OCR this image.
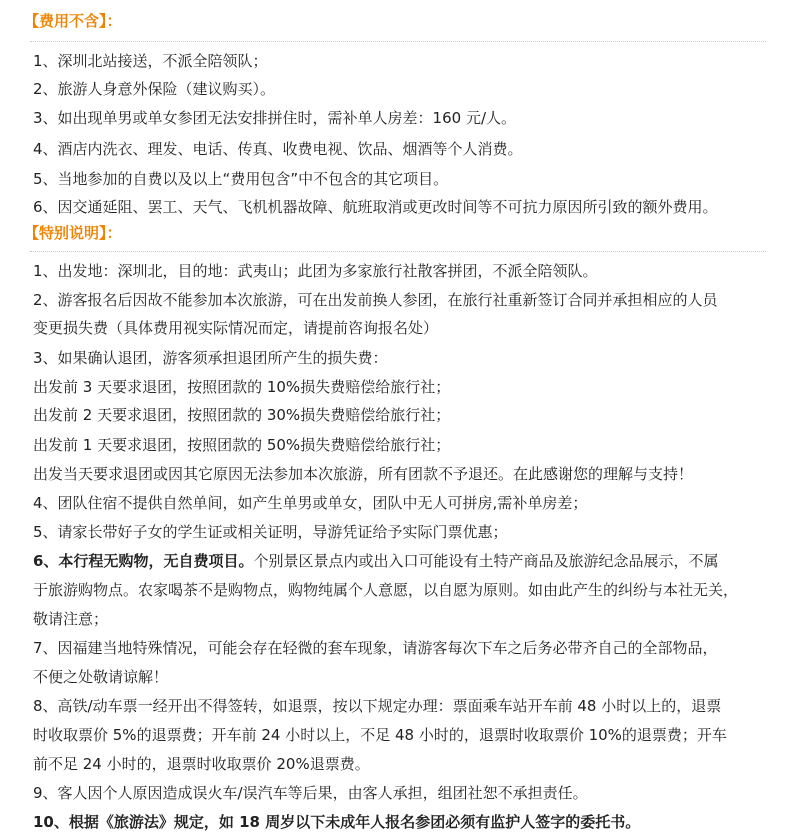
【费用不含】：
1、深圳北站接送，不派全陪领队；
2、旅游人身意外保险（建议购买）。
3、如出现单男或单女参团无法安排拼住时，需补单人房差：160 元/人。
4、酒店内洗衣、理发、电话、传真、收费电视、饮品、烟酒等个人消费。
5、当地参加的自费以及以上“费用包含”中不包含的其它项目。
6、因交通延阻、罢工、天气、飞机机器故障、航班取消或更改时间等不可抗力原因所引致的额外费用。
【特别说明】：
1、出发地：深圳北，目的地：武夷山；此团为多家旅行社散客拼团，不派全陪领队。
2、游客报名后因故不能参加本次旅游，可在出发前换人参团，在旅行社重新签订合同并承担相应的人员
变更损失费（具体费用视实际情况而定，请提前咨询报名处）
3、如果确认退团，游客须承担退团所产生的损失费：
出发前 3 天要求退团，按照团款的 10%损失费赔偿给旅行社；
出发前 2 天要求退团，按照团款的 30%损失费赔偿给旅行社；
出发前 1 天要求退团，按照团款的 50%损失费赔偿给旅行社；
出发当天要求退团或因其它原因无法参加本次旅游，所有团款不予退还。在此感谢您的理解与支持！
4、团队住宿不提供自然单间，如产生单男或单女，团队中无人可拼房,需补单房差；
5、请家长带好子女的学生证或相关证明，导游凭证给予实际门票优惠；
6、本行程无购物，无自费项目。个别景区景点内或出入口可能设有土特产商品及旅游纪念品展示，不属
于旅游购物点。农家喝茶不是购物点，购物纯属个人意愿，以自愿为原则。如由此产生的纠纷与本社无关，
敬请注意；
7、因福建当地特殊情况，可能会存在轻微的套车现象，请游客每次下车之后务必带齐自己的全部物品，
不便之处敬请谅解！
8、高铁/动车票一经开出不得签转，如退票，按以下规定办理：票面乘车站开车前 48 小时以上的，退票
时收取票价 5%的退票费；开车前 24 小时以上，不足 48 小时的，退票时收取票价 10%的退票费；开车
前不足 24 小时的，退票时收取票价 20%退票费。
9、客人因个人原因造成误火车/误汽车等后果，由客人承担，组团社恕不承担责任。
10、根据《旅游法》规定，如 18 周岁以下未成年人报名参团必须有监护人签字的委托书。
